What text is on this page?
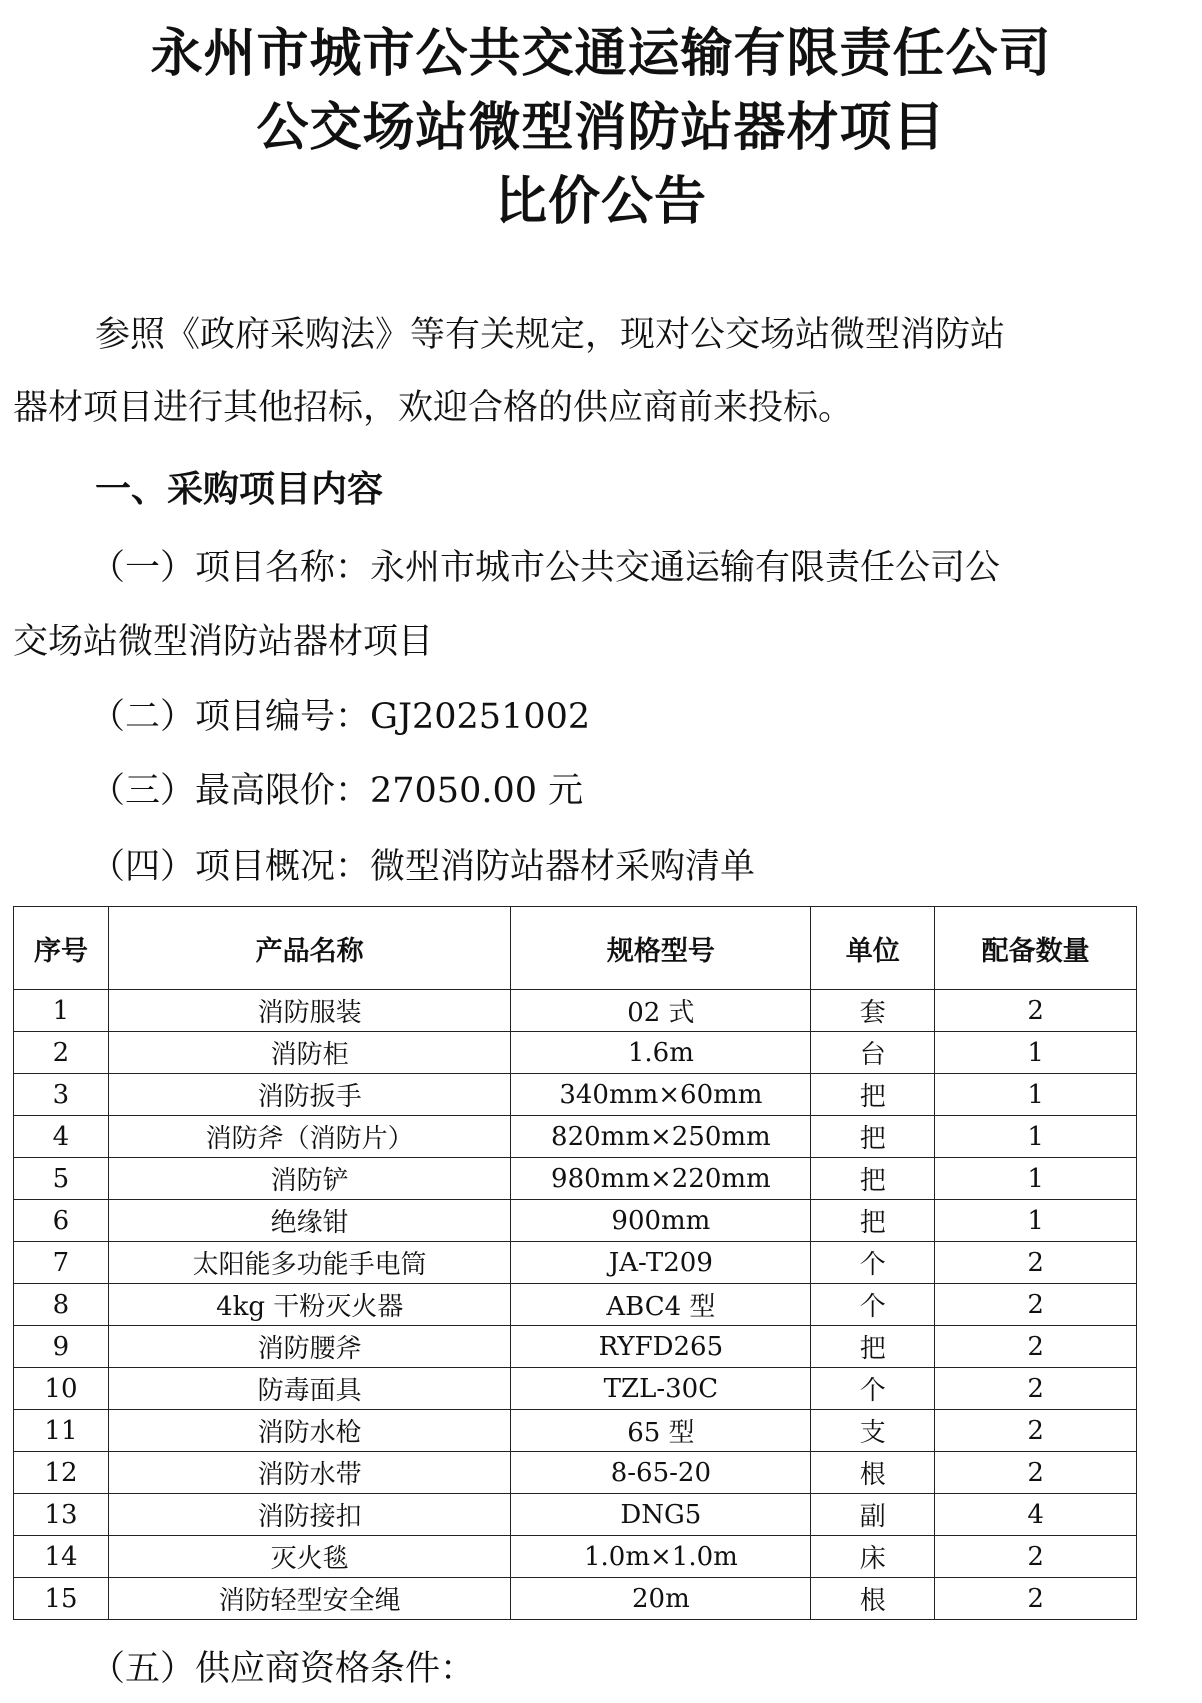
永州市城市公共交通运输有限责任公司
公交场站微型消防站器材项目
比价公告
参照《政府采购法》等有关规定，现对公交场站微型消防站
器材项目进行其他招标，欢迎合格的供应商前来投标。
一、采购项目内容
（一）项目名称：永州市城市公共交通运输有限责任公司公
交场站微型消防站器材项目
（二）项目编号：GJ20251002
（三）最高限价：27050.00 元
（四）项目概况：微型消防站器材采购清单
序号	产品名称	规格型号	单位	配备数量
1	消防服装	02 式	套	2
2	消防柜	1.6m	台	1
3	消防扳手	340mm×60mm	把	1
4	消防斧（消防片）	820mm×250mm	把	1
5	消防铲	980mm×220mm	把	1
6	绝缘钳	900mm	把	1
7	太阳能多功能手电筒	JA-T209	个	2
8	4kg 干粉灭火器	ABC4 型	个	2
9	消防腰斧	RYFD265	把	2
10	防毒面具	TZL-30C	个	2
11	消防水枪	65 型	支	2
12	消防水带	8-65-20	根	2
13	消防接扣	DNG5	副	4
14	灭火毯	1.0m×1.0m	床	2
15	消防轻型安全绳	20m	根	2
（五）供应商资格条件：
